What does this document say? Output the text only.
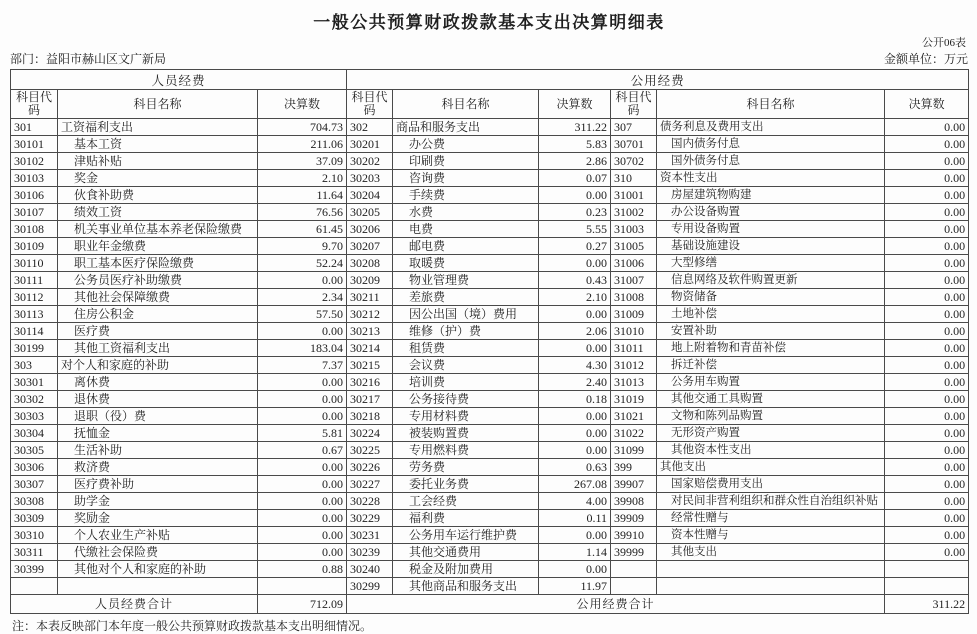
一般公共预算财政拨款基本支出决算明细表
公开06表
部门：益阳市赫山区文广新局	金额单位：万元
人员经费			公用经费					
科目代码	科目名称	决算数	科目代码	科目名称	决算数	科目代码	科目名称	决算数
301	工资福利支出	704.73	302	商品和服务支出	311.22	307	债务利息及费用支出	0.00
30101	基本工资	211.06	30201	办公费	5.83	30701	国内债务付息	0.00
30102	津贴补贴	37.09	30202	印刷费	2.86	30702	国外债务付息	0.00
30103	奖金	2.10	30203	咨询费	0.07	310	资本性支出	0.00
30106	伙食补助费	11.64	30204	手续费	0.00	31001	房屋建筑物购建	0.00
30107	绩效工资	76.56	30205	水费	0.23	31002	办公设备购置	0.00
30108	机关事业单位基本养老保险缴费	61.45	30206	电费	5.55	31003	专用设备购置	0.00
30109	职业年金缴费	9.70	30207	邮电费	0.27	31005	基础设施建设	0.00
30110	职工基本医疗保险缴费	52.24	30208	取暖费	0.00	31006	大型修缮	0.00
30111	公务员医疗补助缴费	0.00	30209	物业管理费	0.43	31007	信息网络及软件购置更新	0.00
30112	其他社会保障缴费	2.34	30211	差旅费	2.10	31008	物资储备	0.00
30113	住房公积金	57.50	30212	因公出国（境）费用	0.00	31009	土地补偿	0.00
30114	医疗费	0.00	30213	维修（护）费	2.06	31010	安置补助	0.00
30199	其他工资福利支出	183.04	30214	租赁费	0.00	31011	地上附着物和青苗补偿	0.00
303	对个人和家庭的补助	7.37	30215	会议费	4.30	31012	拆迁补偿	0.00
30301	离休费	0.00	30216	培训费	2.40	31013	公务用车购置	0.00
30302	退休费	0.00	30217	公务接待费	0.18	31019	其他交通工具购置	0.00
30303	退职（役）费	0.00	30218	专用材料费	0.00	31021	文物和陈列品购置	0.00
30304	抚恤金	5.81	30224	被装购置费	0.00	31022	无形资产购置	0.00
30305	生活补助	0.67	30225	专用燃料费	0.00	31099	其他资本性支出	0.00
30306	救济费	0.00	30226	劳务费	0.63	399	其他支出	0.00
30307	医疗费补助	0.00	30227	委托业务费	267.08	39907	国家赔偿费用支出	0.00
30308	助学金	0.00	30228	工会经费	4.00	39908	对民间非营利组织和群众性自治组织补贴	0.00
30309	奖励金	0.00	30229	福利费	0.11	39909	经常性赠与	0.00
30310	个人农业生产补贴	0.00	30231	公务用车运行维护费	0.00	39910	资本性赠与	0.00
30311	代缴社会保险费	0.00	30239	其他交通费用	1.14	39999	其他支出	0.00
30399	其他对个人和家庭的补助	0.88	30240	税金及附加费用	0.00			
			30299	其他商品和服务支出	11.97			
人员经费合计		712.09	公用经费合计					311.22
注：本表反映部门本年度一般公共预算财政拨款基本支出明细情况。
